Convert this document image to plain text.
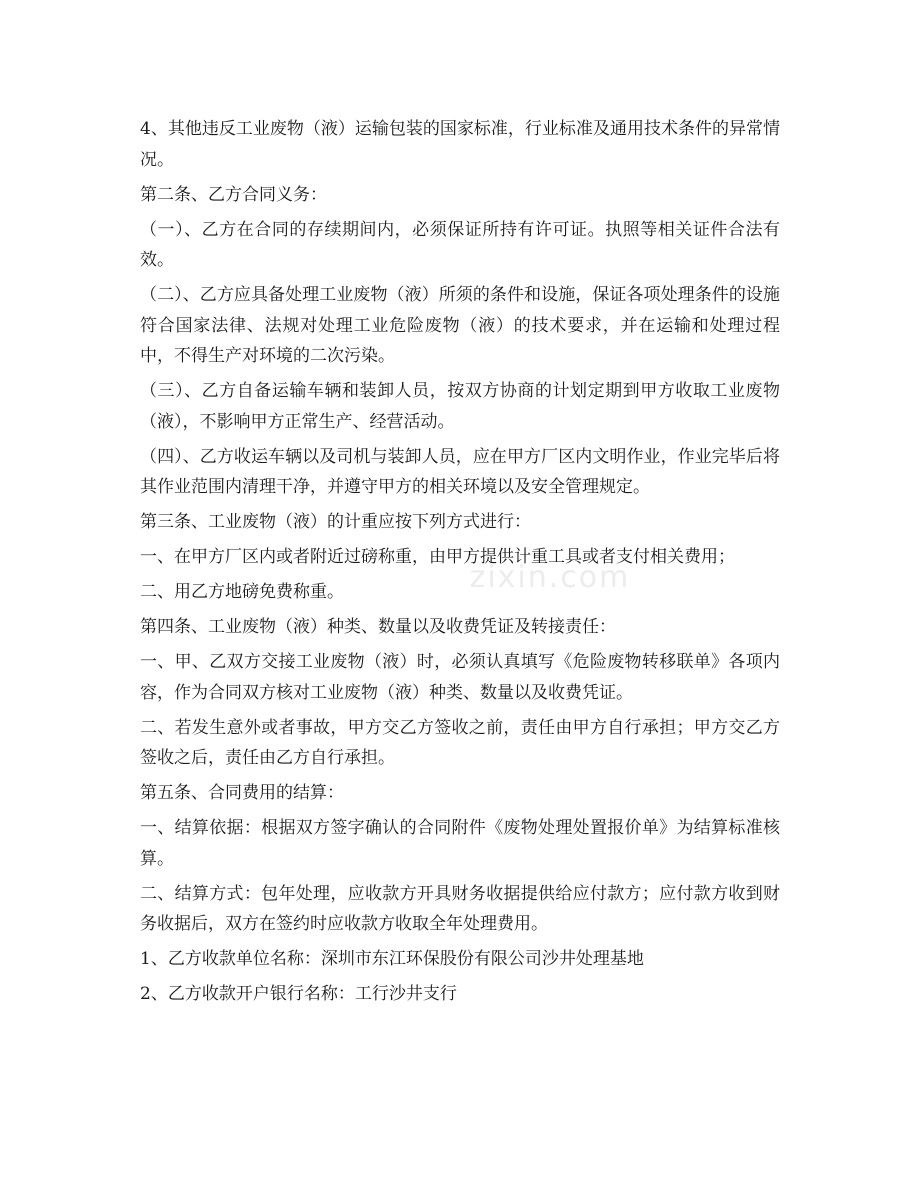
4、其他违反工业废物（液）运输包装的国家标准，行业标准及通用技术条件的异常情况。

第二条、乙方合同义务：

（一）、乙方在合同的存续期间内，必须保证所持有许可证。执照等相关证件合法有效。

（二）、乙方应具备处理工业废物（液）所须的条件和设施，保证各项处理条件的设施符合国家法律、法规对处理工业危险废物（液）的技术要求，并在运输和处理过程中，不得生产对环境的二次污染。

（三）、乙方自备运输车辆和装卸人员，按双方协商的计划定期到甲方收取工业废物（液），不影响甲方正常生产、经营活动。

（四）、乙方收运车辆以及司机与装卸人员，应在甲方厂区内文明作业，作业完毕后将其作业范围内清理干净，并遵守甲方的相关环境以及安全管理规定。

第三条、工业废物（液）的计重应按下列方式进行：

一、在甲方厂区内或者附近过磅称重，由甲方提供计重工具或者支付相关费用；

二、用乙方地磅免费称重。

第四条、工业废物（液）种类、数量以及收费凭证及转接责任：

一、甲、乙双方交接工业废物（液）时，必须认真填写《危险废物转移联单》各项内容，作为合同双方核对工业废物（液）种类、数量以及收费凭证。

二、若发生意外或者事故，甲方交乙方签收之前，责任由甲方自行承担；甲方交乙方签收之后，责任由乙方自行承担。

第五条、合同费用的结算：

一、结算依据：根据双方签字确认的合同附件《废物处理处置报价单》为结算标准核算。

二、结算方式：包年处理，应收款方开具财务收据提供给应付款方；应付款方收到财务收据后，双方在签约时应收款方收取全年处理费用。

1、乙方收款单位名称：深圳市东江环保股份有限公司沙井处理基地

2、乙方收款开户银行名称：工行沙井支行

zixin.com
